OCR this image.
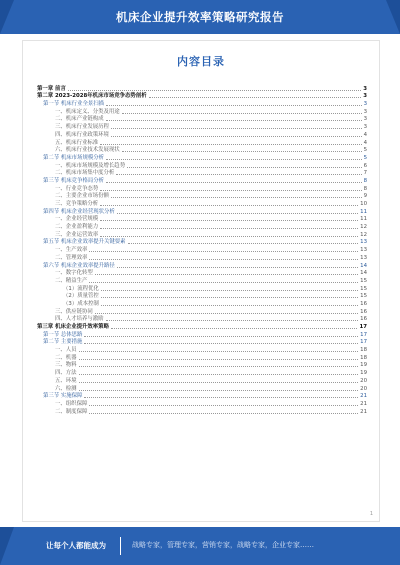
机床企业提升效率策略研究报告
内容目录
第一章 前言	3
第二章 2023-2028年机床市场竞争态势剖析	3
第一节 机床行业全景扫描	3
一、机床定义、分类及用途	3
二、机床产业链构成	3
三、机床行业发展历程	3
四、机床行业政策环境	4
五、机床行业标准	4
六、机床行业技术发展现状	5
第二节 机床市场规模分析	5
一、机床市场规模及增长趋势	6
二、机床市场集中度分析	7
第三节 机床竞争格局分析	8
一、行业竞争态势	8
二、主要企业市场份额	9
三、竞争策略分析	10
第四节 机床企业经营现状分析	11
一、企业经营规模	11
二、企业盈利能力	12
三、企业运营效率	12
第五节 机床企业效率提升关键要素	13
一、生产效率	13
二、管理效率	13
第六节 机床企业效率提升路径	14
一、数字化转型	14
二、精益生产	15
（1）流程优化	15
（2）质量管控	15
（3）成本控制	16
三、供应链协同	16
四、人才培养与激励	16
第三章 机床企业提升效率策略	17
第一节 总体思路	17
第二节 主要措施	17
一、人员	18
二、机器	18
三、物料	19
四、方法	19
五、环境	20
六、检测	20
第三节 实施保障	21
一、组织保障	21
二、制度保障	21
1
让每个人都能成为	战略专家，管理专家，营销专家，战略专家，企业专家……
